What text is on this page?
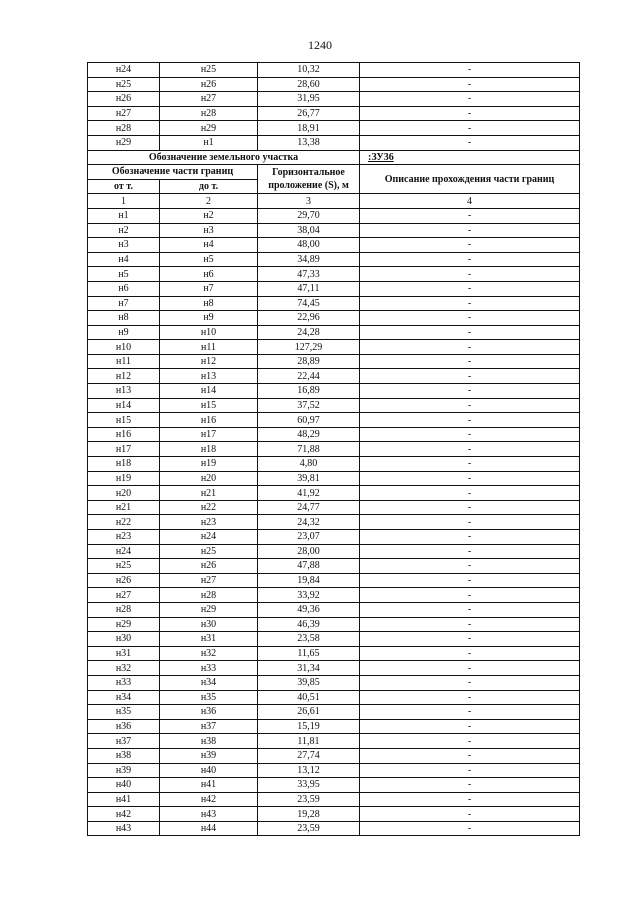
1240
н24	н25	10,32	-
н25	н26	28,60	-
н26	н27	31,95	-
н27	н28	26,77	-
н28	н29	18,91	-
н29	н1	13,38	-
Обозначение земельного участка			:ЗУ36
Обозначение части границ		Горизонтальное проложение (S), м	Описание прохождения части границ
от т.	до т.		
1	2	3	4
н1	н2	29,70	-
н2	н3	38,04	-
н3	н4	48,00	-
н4	н5	34,89	-
н5	н6	47,33	-
н6	н7	47,11	-
н7	н8	74,45	-
н8	н9	22,96	-
н9	н10	24,28	-
н10	н11	127,29	-
н11	н12	28,89	-
н12	н13	22,44	-
н13	н14	16,89	-
н14	н15	37,52	-
н15	н16	60,97	-
н16	н17	48,29	-
н17	н18	71,88	-
н18	н19	4,80	-
н19	н20	39,81	-
н20	н21	41,92	-
н21	н22	24,77	-
н22	н23	24,32	-
н23	н24	23,07	-
н24	н25	28,00	-
н25	н26	47,88	-
н26	н27	19,84	-
н27	н28	33,92	-
н28	н29	49,36	-
н29	н30	46,39	-
н30	н31	23,58	-
н31	н32	11,65	-
н32	н33	31,34	-
н33	н34	39,85	-
н34	н35	40,51	-
н35	н36	26,61	-
н36	н37	15,19	-
н37	н38	11,81	-
н38	н39	27,74	-
н39	н40	13,12	-
н40	н41	33,95	-
н41	н42	23,59	-
н42	н43	19,28	-
н43	н44	23,59	-
